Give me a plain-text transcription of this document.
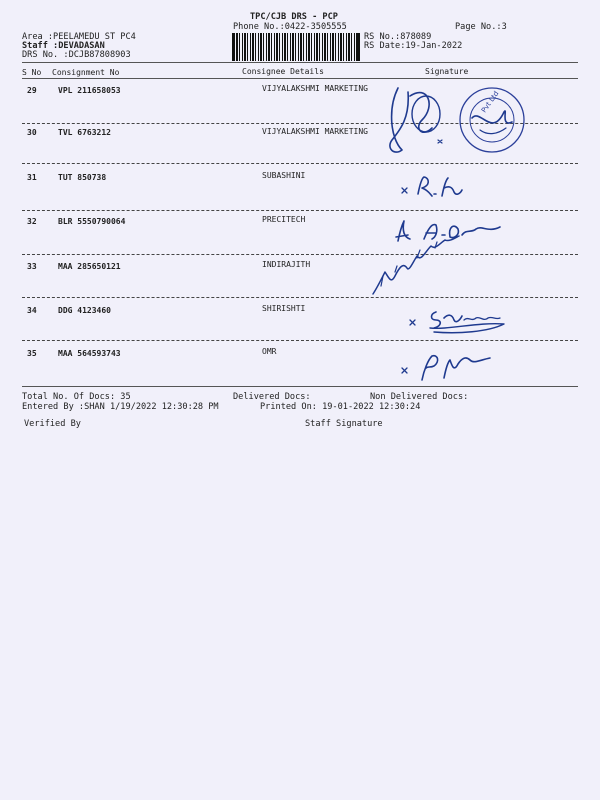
TPC/CJB DRS - PCP
Phone No.:0422-3505555	Page No.:3
Area :PEELAMEDU ST PC4
Staff :DEVADASAN
DRS No. :DCJB87808903
RS No.:878089
RS Date:19-Jan-2022
S No Consignment No	Consignee Details	Signature
29	VPL 211658053	VIJYALAKSHMI MARKETING
30	TVL 6763212	VIJYALAKSHMI MARKETING
31	TUT 850738	SUBASHINI
32	BLR 5550790064	PRECITECH
33	MAA 285650121	INDIRAJITH
34	DDG 4123460	SHIRISHTI
35	MAA 564593743	OMR
Total No. Of Docs: 35	Delivered Docs:	Non Delivered Docs:
Entered By :SHAN 1/19/2022 12:30:28 PM	Printed On: 19-01-2022 12:30:24
Verified By	Staff Signature
Pvt Ltd
